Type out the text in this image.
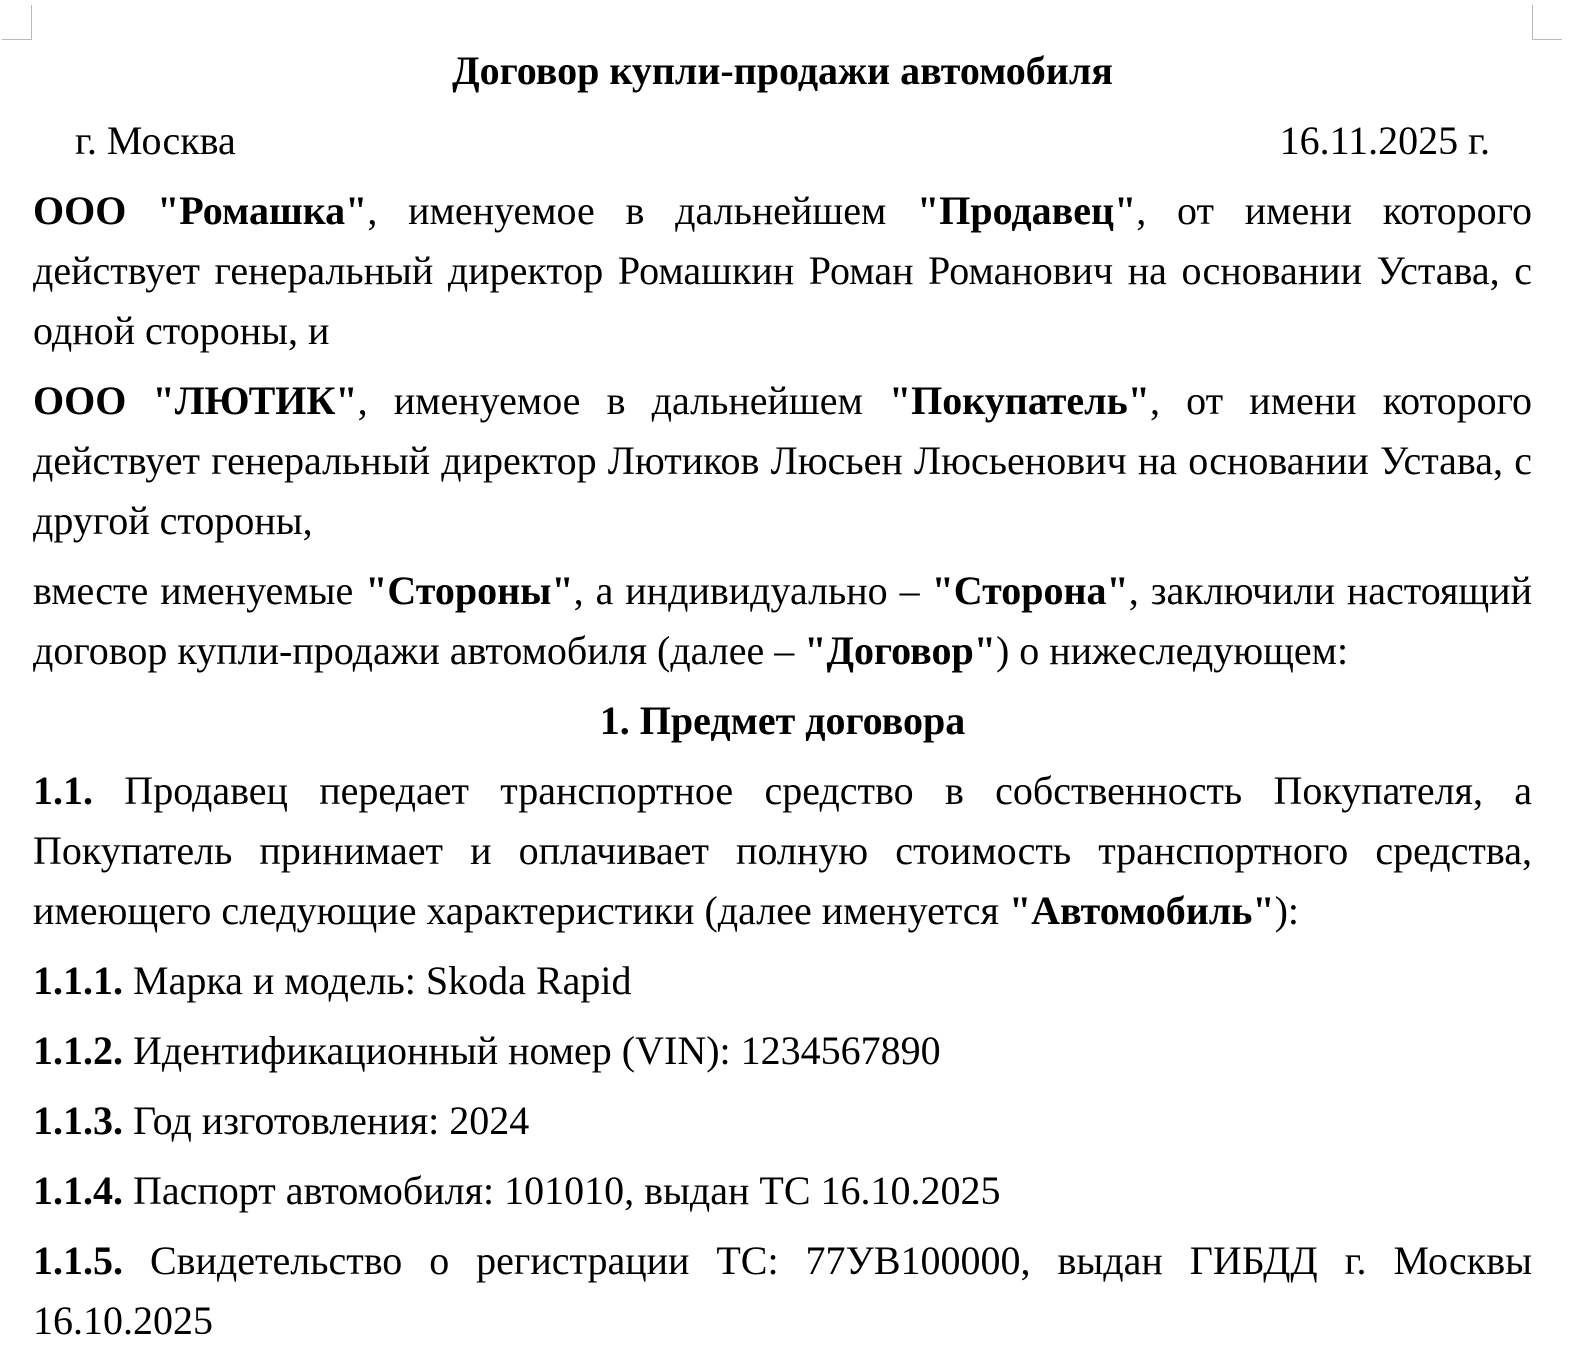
Договор купли-продажи автомобиля
г. Москва	16.11.2025 г.
ООО "Ромашка", именуемое в дальнейшем "Продавец", от имени которого действует генеральный директор Ромашкин Роман Романович на основании Устава, с одной стороны, и
ООО "ЛЮТИК", именуемое в дальнейшем "Покупатель", от имени которого действует генеральный директор Лютиков Люсьен Люсьенович на основании Устава, с другой стороны,
вместе именуемые "Стороны", а индивидуально – "Сторона", заключили настоящий договор купли-продажи автомобиля (далее – "Договор") о нижеследующем:
1. Предмет договора
1.1. Продавец передает транспортное средство в собственность Покупателя, а Покупатель принимает и оплачивает полную стоимость транспортного средства, имеющего следующие характеристики (далее именуется "Автомобиль"):
1.1.1. Марка и модель: Skoda Rapid
1.1.2. Идентификационный номер (VIN): 1234567890
1.1.3. Год изготовления: 2024
1.1.4. Паспорт автомобиля: 101010, выдан ТС 16.10.2025
1.1.5. Свидетельство о регистрации ТС: 77УВ100000, выдан ГИБДД г. Москвы 16.10.2025
